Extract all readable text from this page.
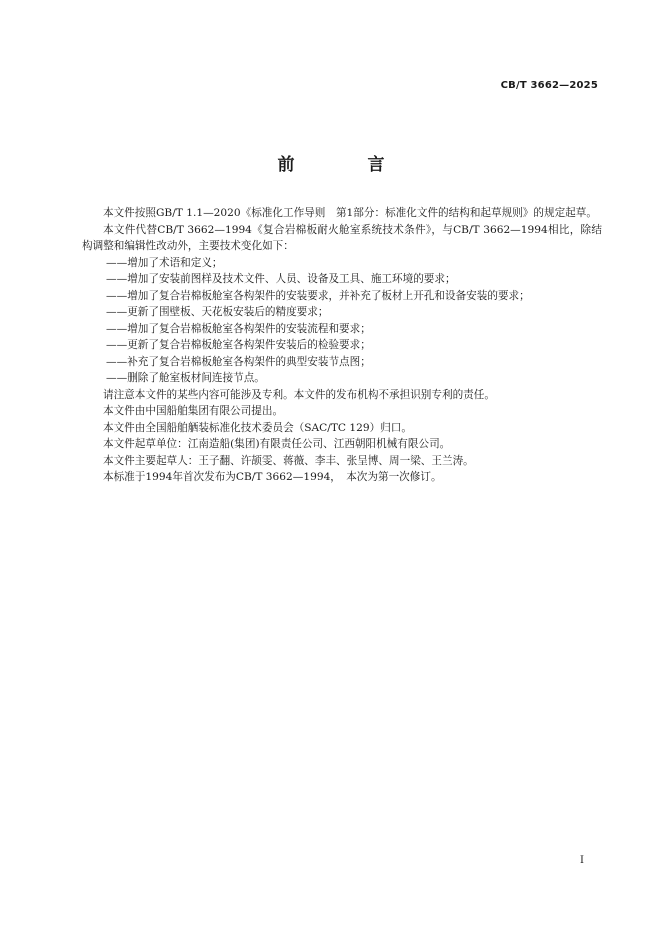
CB/T 3662—2025
前　言

本文件按照GB/T 1.1—2020《标准化工作导则　第1部分：标准化文件的结构和起草规则》的规定起草。

本文件代替CB/T 3662—1994《复合岩棉板耐火舱室系统技术条件》，与CB/T 3662—1994相比，除结构调整和编辑性改动外，主要技术变化如下：

——增加了术语和定义；

——增加了安装前图样及技术文件、人员、设备及工具、施工环境的要求；

——增加了复合岩棉板舱室各构架件的安装要求，并补充了板材上开孔和设备安装的要求；

——更新了围壁板、天花板安装后的精度要求；

——增加了复合岩棉板舱室各构架件的安装流程和要求；

——更新了复合岩棉板舱室各构架件安装后的检验要求；

——补充了复合岩棉板舱室各构架件的典型安装节点图；

——删除了舱室板材间连接节点。

请注意本文件的某些内容可能涉及专利。本文件的发布机构不承担识别专利的责任。

本文件由中国船舶集团有限公司提出。

本文件由全国船舶舾装标准化技术委员会（SAC/TC 129）归口。

本文件起草单位：江南造船(集团)有限责任公司、江西朝阳机械有限公司。

本文件主要起草人：王子翻、许颉雯、蒋薇、李丰、张呈博、周一梁、王兰涛。

本标准于1994年首次发布为CB/T 3662—1994，　本次为第一次修订。

I
